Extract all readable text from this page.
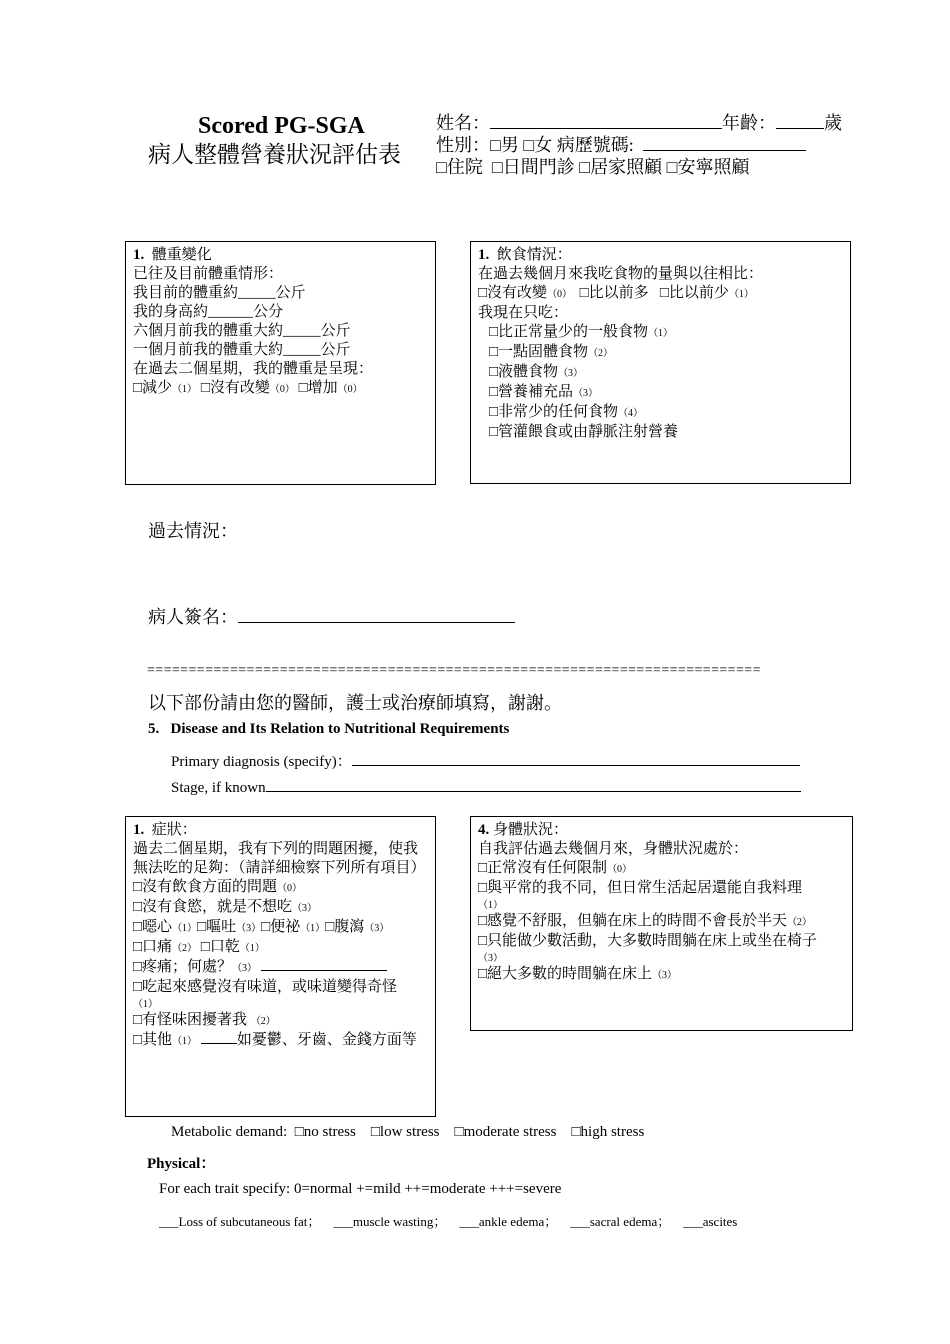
Scored PG-SGA
病人整體營養狀況評估表
姓名：	年齡：	歲
性別：□男 □女 病歷號碼:
□住院 □日間門診 □居家照顧 □安寧照顧
1. 體重變化
已往及目前體重情形：
我目前的體重約_____公斤
我的身高約______公分
六個月前我的體重大約_____公斤
一個月前我的體重大約_____公斤
在過去二個星期，我的體重是呈現：
□減少（1） □沒有改變（0） □增加（0）
1. 飲食情況：
在過去幾個月來我吃食物的量與以往相比：
□沒有改變（0） □比以前多 □比以前少（1）
我現在只吃：
□比正常量少的一般食物（1）
□一點固體食物（2）
□液體食物（3）
□營養補充品（3）
□非常少的任何食物（4）
□管灌餵食或由靜脈注射營養
過去情況：
病人簽名：
==========================================================================
以下部份請由您的醫師，護士或治療師填寫，謝謝。
5. Disease and Its Relation to Nutritional Requirements
Primary diagnosis (specify)：
Stage, if known
1. 症狀：
過去二個星期，我有下列的問題困擾，使我無法吃的足夠：（請詳細檢察下列所有項目）
□沒有飲食方面的問題（0）
□沒有食慾，就是不想吃（3）
□噁心（1）□嘔吐（3）□便祕（1）□腹瀉（3）
□口痛（2） □口乾（1）
□疼痛；何處？（3）
□吃起來感覺沒有味道，或味道變得奇怪
（1）
□有怪味困擾著我 （2）
□其他（1）	如憂鬱、牙齒、金錢方面等
4. 身體狀況：
自我評估過去幾個月來，身體狀況處於：
□正常沒有任何限制（0）
□與平常的我不同，但日常生活起居還能自我料理
（1）
□感覺不舒服，但躺在床上的時間不會長於半天（2）
□只能做少數活動，大多數時間躺在床上或坐在椅子
（3）
□絕大多數的時間躺在床上（3）
Metabolic demand: □no stress □low stress □moderate stress □high stress
Physical：
For each trait specify: 0=normal +=mild ++=moderate +++=severe
___Loss of subcutaneous fat； ___muscle wasting； ___ankle edema； ___sacral edema； ___ascites
